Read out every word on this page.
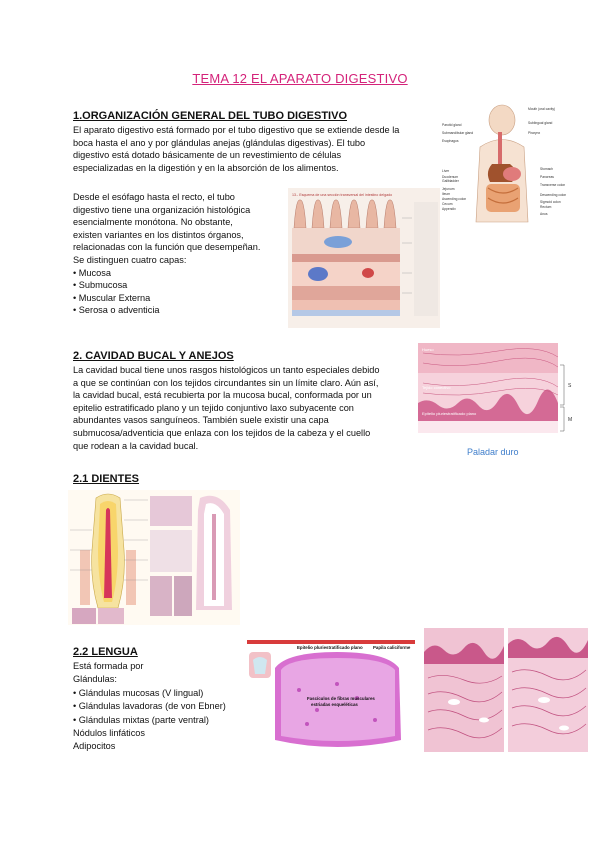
TEMA 12 EL APARATO DIGESTIVO
1.ORGANIZACIÓN GENERAL DEL TUBO DIGESTIVO
El aparato digestivo está formado por el tubo digestivo que se extiende desde la
boca hasta el ano y por glándulas anejas (glándulas digestivas). El tubo
digestivo está dotado básicamente de un revestimiento de células
especializadas en la digestión y en la absorción de los alimentos.
Desde el esófago hasta el recto, el tubo
digestivo tiene una organización histológica
esencialmente monótona. No obstante,
existen variantes en los distintos órganos,
relacionadas con la función que desempeñan.
Se distinguen cuatro capas:
• Mucosa
• Submucosa
• Muscular Externa
• Serosa o adventicia
Mouth (oral cavity)
Parotid gland	Sublingual gland
Submandibular gland	Pharynx
Esophagus
Liver	Stomach
Pancreas
Gallbladder
Duodenum
Jejunum
Ileum
Transverse colon
Ascending colon
Descending colon
Cecum
Appendix
Sigmoid colon
Rectum
Anus
13.- Esquema de una sección transversal del intestino delgado
2. CAVIDAD BUCAL Y ANEJOS
La cavidad bucal tiene unos rasgos histológicos un tanto especiales debido
a que se continúan con los tejidos circundantes sin un límite claro. Aún así,
la cavidad bucal, está recubierta por la mucosa bucal, conformada por un
epitelio estratificado plano y un tejido conjuntivo laxo subyacente con
abundantes vasos sanguíneos. También suele existir una capa
submucosa/adventicia que enlaza con los tejidos de la cabeza y el cuello
que rodean a la cavidad bucal.
Hueso
Tejido conectivo
Epitelio pluriestratificado plano
S
M
Paladar duro
2.1 DIENTES
2.2 LENGUA
Está formada por
Glándulas:
• Glándulas mucosas (V lingual)
• Glándulas lavadoras (de von Ebner)
• Glándulas mixtas (parte ventral)
Nódulos linfáticos
Adipocitos
Epitelio pluriestratificado plano Papila caliciforme
Fascículos de fibras musculares
estriadas esqueléticas
